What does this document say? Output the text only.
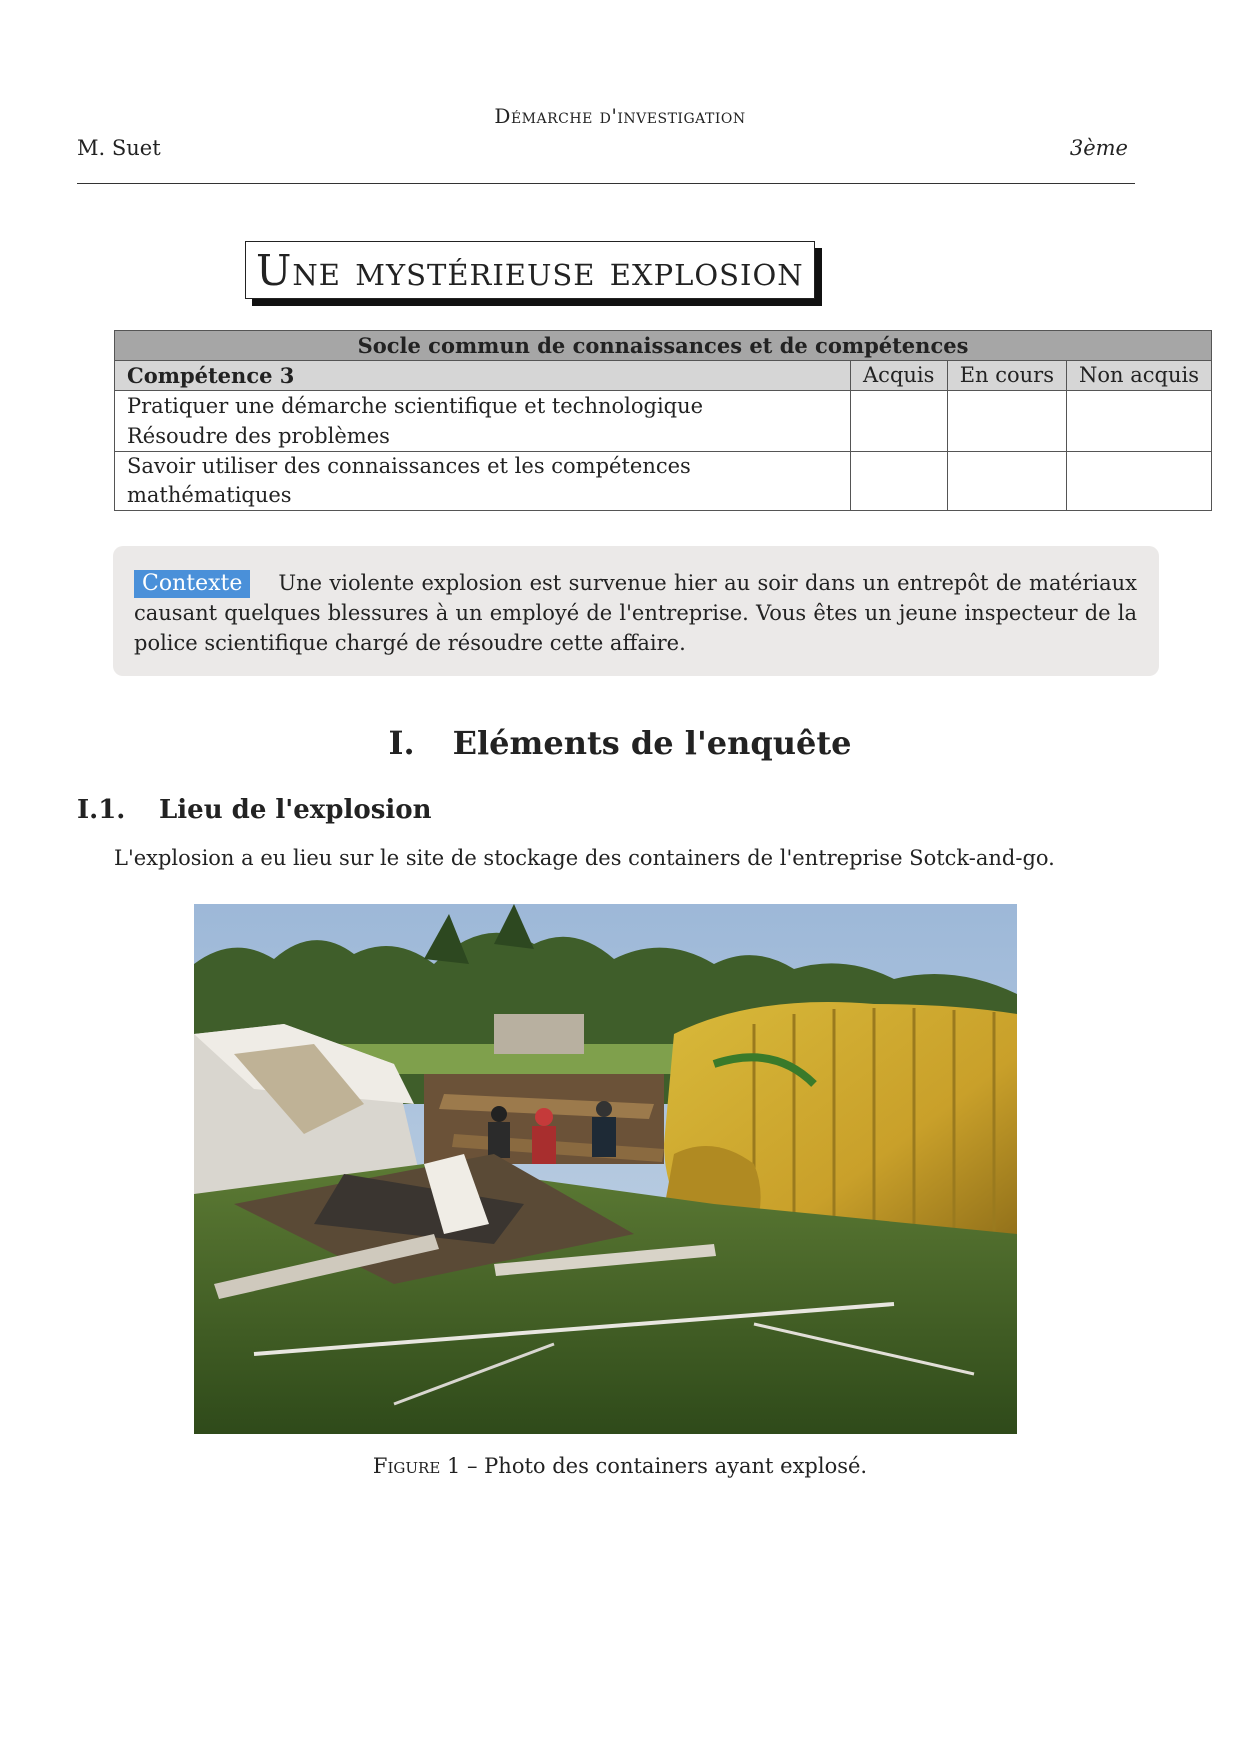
Démarche d'investigation
M. Suet	3ème
Une mystérieuse explosion
Socle commun de connaissances et de compétences			
Compétence 3	Acquis	En cours	Non acquis

Pratiquer une démarche scientifique et technologique
Résoudre des problèmes			

Savoir utiliser des connaissances et les compétences mathématiques			
Contexte Une violente explosion est survenue hier au soir dans un entrepôt de matériaux causant quelques blessures à un employé de l'entreprise. Vous êtes un jeune inspecteur de la police scientifique chargé de résoudre cette affaire.
I. Eléments de l'enquête
I.1. Lieu de l'explosion
L'explosion a eu lieu sur le site de stockage des containers de l'entreprise Sotck-and-go.
Figure 1 – Photo des containers ayant explosé.
